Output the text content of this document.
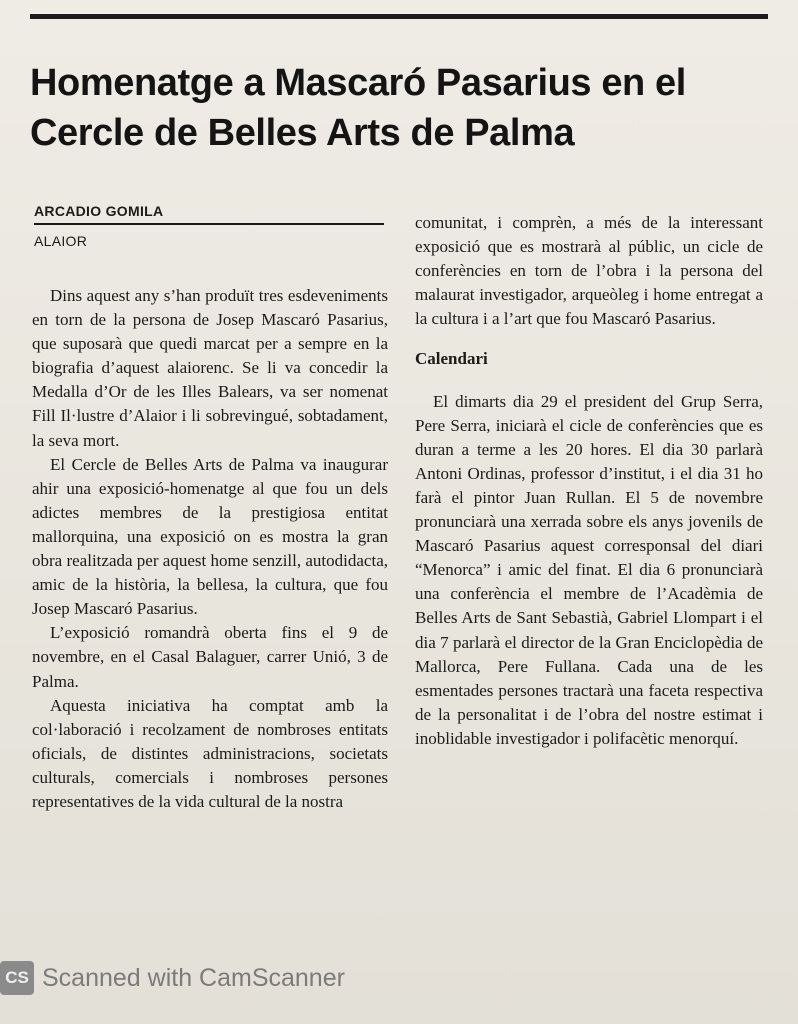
Homenatge a Mascaró Pasarius en el Cercle de Belles Arts de Palma
ARCADIO GOMILA
ALAIOR

Dins aquest any s’han produït tres esdeveniments en torn de la persona de Josep Mascaró Pasarius, que suposarà que quedi marcat per a sempre en la biografia d’aquest alaiorenc. Se li va concedir la Medalla d’Or de les Illes Balears, va ser nomenat Fill Il·lustre d’Alaior i li sobrevingué, sobtadament, la seva mort.

El Cercle de Belles Arts de Palma va inaugurar ahir una exposició-homenatge al que fou un dels adictes membres de la prestigiosa entitat mallorquina, una exposició on es mostra la gran obra realitzada per aquest home senzill, autodidacta, amic de la història, la bellesa, la cultura, que fou Josep Mascaró Pasarius.

L’exposició romandrà oberta fins el 9 de novembre, en el Casal Balaguer, carrer Unió, 3 de Palma.

Aquesta iniciativa ha comptat amb la col·laboració i recolzament de nombroses entitats oficials, de distintes administracions, societats culturals, comercials i nombroses persones representatives de la vida cultural de la nostra

comunitat, i comprèn, a més de la interessant exposició que es mostrarà al públic, un cicle de conferències en torn de l’obra i la persona del malaurat investigador, arqueòleg i home entregat a la cultura i a l’art que fou Mascaró Pasarius.

Calendari

El dimarts dia 29 el president del Grup Serra, Pere Serra, iniciarà el cicle de conferències que es duran a terme a les 20 hores. El dia 30 parlarà Antoni Ordinas, professor d’institut, i el dia 31 ho farà el pintor Juan Rullan. El 5 de novembre pronunciarà una xerrada sobre els anys jovenils de Mascaró Pasarius aquest corresponsal del diari “Menorca” i amic del finat. El dia 6 pronunciarà una conferència el membre de l’Acadèmia de Belles Arts de Sant Sebastià, Gabriel Llompart i el dia 7 parlarà el director de la Gran Enciclopèdia de Mallorca, Pere Fullana. Cada una de les esmentades persones tractarà una faceta respectiva de la personalitat i de l’obra del nostre estimat i inoblidable investigador i polifacètic menorquí.

CS Scanned with CamScanner
